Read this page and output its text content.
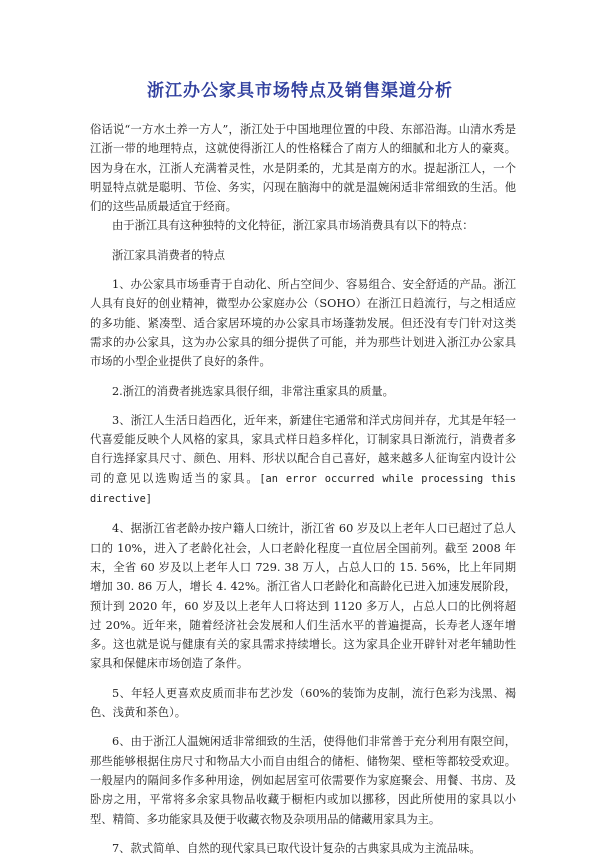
浙江办公家具市场特点及销售渠道分析

俗话说“一方水土养一方人”，浙江处于中国地理位置的中段、东部沿海。山清水秀是江浙一带的地理特点，这就使得浙江人的性格糅合了南方人的细腻和北方人的豪爽。因为身在水，江浙人充满着灵性，水是阴柔的，尤其是南方的水。提起浙江人，一个明显特点就是聪明、节俭、务实，闪现在脑海中的就是温婉闲适非常细致的生活。他们的这些品质最适宜于经商。

由于浙江具有这种独特的文化特征，浙江家具市场消费具有以下的特点：

浙江家具消费者的特点

1、办公家具市场垂青于自动化、所占空间少、容易组合、安全舒适的产品。浙江人具有良好的创业精神，微型办公家庭办公（SOHO）在浙江日趋流行，与之相适应的多功能、紧凑型、适合家居环境的办公家具市场蓬勃发展。但还没有专门针对这类需求的办公家具，这为办公家具的细分提供了可能，并为那些计划进入浙江办公家具市场的小型企业提供了良好的条件。

2.浙江的消费者挑选家具很仔细，非常注重家具的质量。

3、浙江人生活日趋西化，近年来，新建住宅通常和洋式房间并存，尤其是年轻一代喜爱能反映个人风格的家具，家具式样日趋多样化，订制家具日渐流行，消费者多自行选择家具尺寸、颜色、用料、形状以配合自己喜好，越来越多人征询室内设计公司的意见以选购适当的家具。[an error occurred while processing this directive]

4、据浙江省老龄办按户籍人口统计，浙江省 60 岁及以上老年人口已超过了总人口的 10%，进入了老龄化社会，人口老龄化程度一直位居全国前列。截至 2008 年末，全省 60 岁及以上老年人口 729. 38 万人，占总人口的 15. 56%，比上年同期增加 30. 86 万人，增长 4. 42%。浙江省人口老龄化和高龄化已进入加速发展阶段，预计到 2020 年，60 岁及以上老年人口将达到 1120 多万人，占总人口的比例将超过 20%。近年来，随着经济社会发展和人们生活水平的普遍提高，长寿老人逐年增多。这也就是说与健康有关的家具需求持续增长。这为家具企业开辟针对老年辅助性家具和保健床市场创造了条件。

5、年轻人更喜欢皮质而非布艺沙发（60%的装饰为皮制，流行色彩为浅黑、褐色、浅黄和茶色）。

6、由于浙江人温婉闲适非常细致的生活，使得他们非常善于充分利用有限空间，那些能够根据住房尺寸和物品大小而自由组合的储柜、储物架、壁柜等都较受欢迎。一般屋内的隔间多作多种用途，例如起居室可依需要作为家庭聚会、用餐、书房、及卧房之用，平常将多余家具物品收藏于橱柜内或加以挪移，因此所使用的家具以小型、精简、多功能家具及便于收藏衣物及杂项用品的储藏用家具为主。

7、款式简单、自然的现代家具已取代设计复杂的古典家具成为主流品味。
